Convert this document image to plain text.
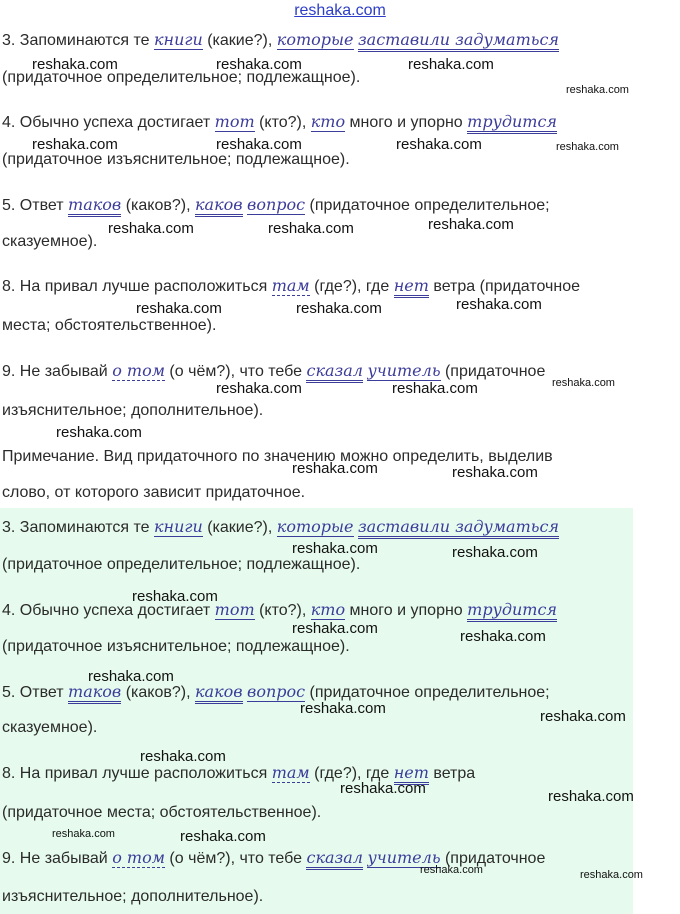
reshaka.com
3. Запоминаются те книги (какие?), которые заставили задуматься
(придаточное определительное; подлежащное).
4. Обычно успеха достигает тот (кто?), кто много и упорно трудится
(придаточное изъяснительное; подлежащное).
5. Ответ таков (каков?), каков вопрос (придаточное определительное;
сказуемное).
8. На привал лучше расположиться там (где?), где нет ветра (придаточное
места; обстоятельственное).
9. Не забывай о том (о чём?), что тебе сказал учитель (придаточное
изъяснительное; дополнительное).
Примечание. Вид придаточного по значению можно определить, выделив
слово, от которого зависит придаточное.
3. Запоминаются те книги (какие?), которые заставили задуматься
(придаточное определительное; подлежащное).
4. Обычно успеха достигает тот (кто?), кто много и упорно трудится
(придаточное изъяснительное; подлежащное).
5. Ответ таков (каков?), каков вопрос (придаточное определительное;
сказуемное).
8. На привал лучше расположиться там (где?), где нет ветра
(придаточное места; обстоятельственное).
9. Не забывай о том (о чём?), что тебе сказал учитель (придаточное
изъяснительное; дополнительное).
reshaka.com	reshaka.com	reshaka.com
reshaka.com
reshaka.com	reshaka.com	reshaka.com	reshaka.com
reshaka.com	reshaka.com	reshaka.com
reshaka.com	reshaka.com	reshaka.com
reshaka.com	reshaka.com	reshaka.com
reshaka.com
reshaka.com	reshaka.com
reshaka.com	reshaka.com
reshaka.com
reshaka.com	reshaka.com
reshaka.com
reshaka.com	reshaka.com
reshaka.com
reshaka.com	reshaka.com
reshaka.com	reshaka.com
reshaka.com	reshaka.com
